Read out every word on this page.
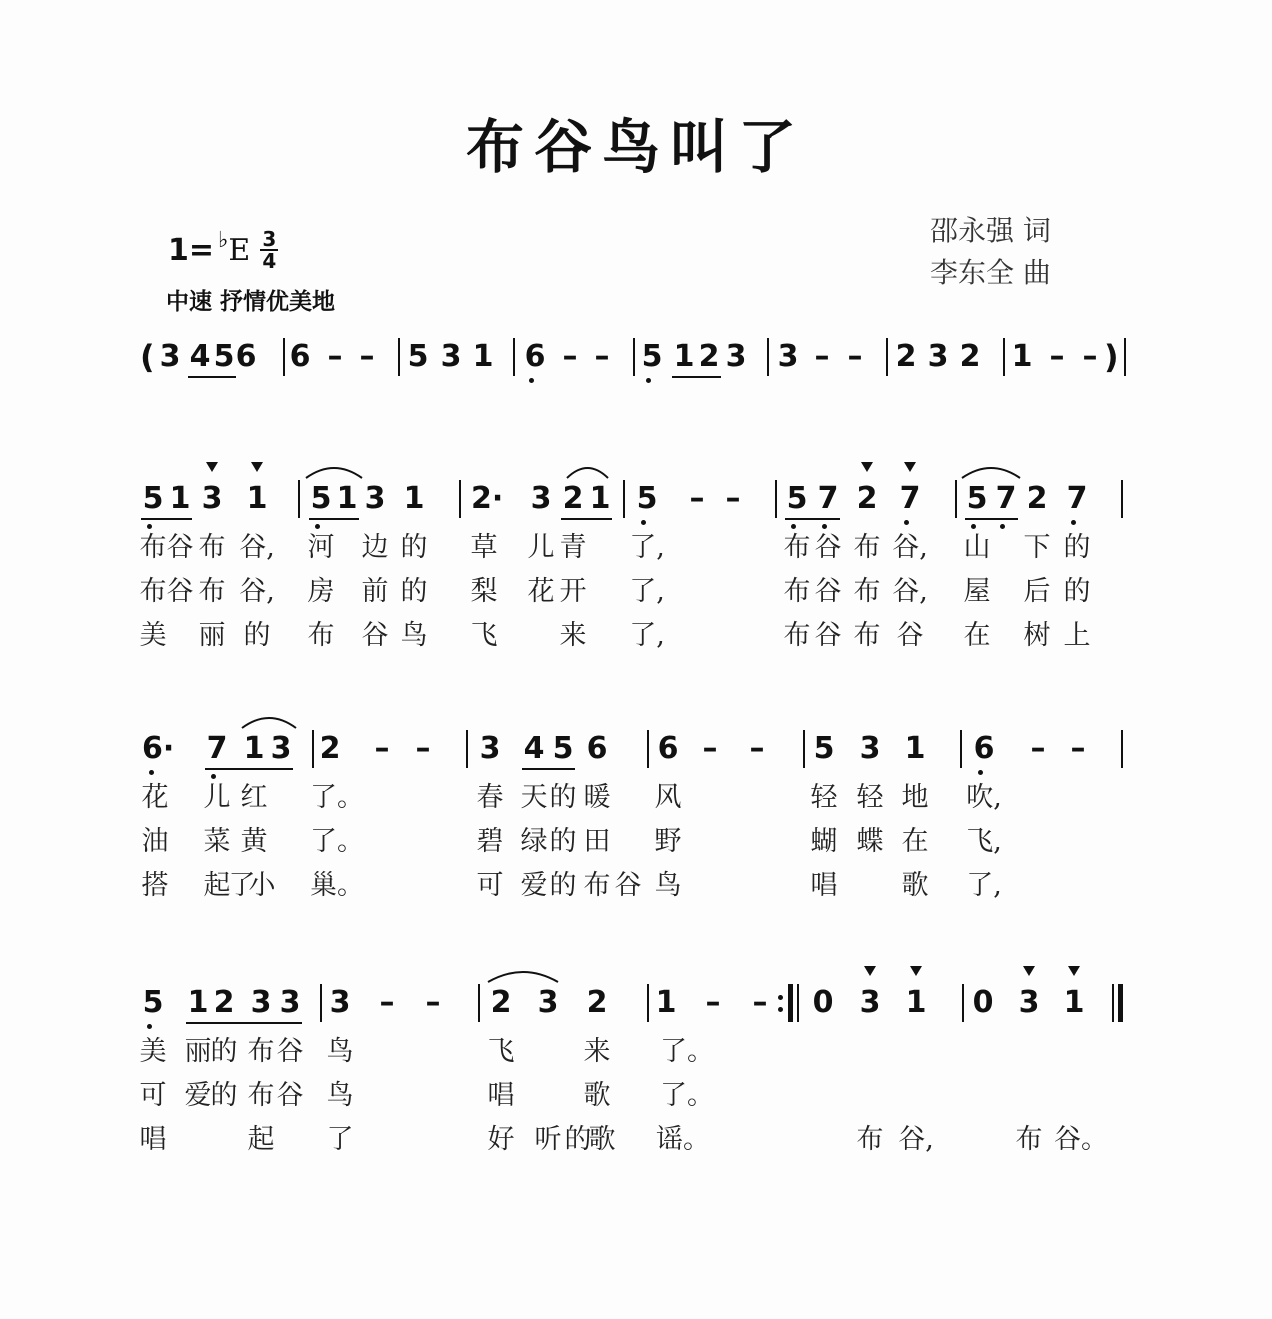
布谷鸟叫了
1= ♭ E $\frac{3}{4}$
中速 抒情优美地
邵永强 词
李东全 曲
(	)
3 4 5 6 6 – – 5 3 1 6 – – 5 1 2 3 3 – – 2 3 2 1 – –
5 1 3 1 5 1 3 1 2· 3 2 1 5 – – 5 7 2 7 5 7 2 7
布 谷 布 谷, 河 边 的 草 儿 青 了,	布 谷 布 谷, 山 下 的
布 谷 布 谷, 房 前 的 梨 花 开 了,	布 谷 布 谷, 屋 后 的
美 丽 的 布 谷 鸟 飞 来 了,	布 谷 布 谷 在 树 上
6· 7 1 3 2 – – 3 4 5 6 6 – – 5 3 1 6 – –
花 儿 红 了。	春 天 的 暖 风	轻 轻 地 吹,
油 菜 黄 了。	碧 绿 的 田 野	蝴 蝶 在 飞,
搭 起
了
小 巢。	可 爱 的 布 谷 鸟	唱 歌 了,
5 1 2 3 3 3 – – 2 3 2 1 – – 0 3 1 0 3 1
美 丽 的 布 谷 鸟	飞	来 了。
可 爱 的 布 谷 鸟	唱	歌 了。
唱	起 了	好 听 的
歌 谣。	布 谷,	布 谷。
